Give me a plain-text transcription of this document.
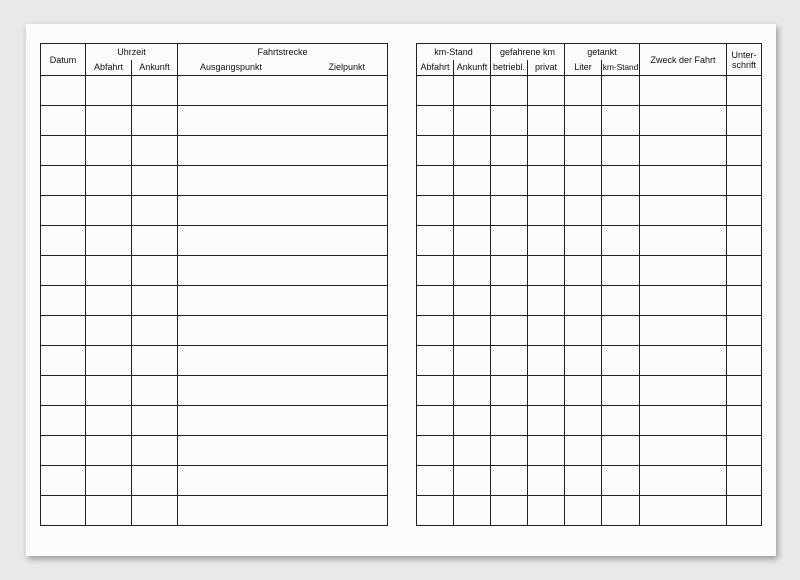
Datum	Uhrzeit		Fahrtstrecke	
	Abfahrt	Ankunft	Ausgangspunkt	Zielpunkt

km-Stand		gefahrene km		getankt		Zweck der Fahrt	Unter-
schrift
Abfahrt	Ankunft	betriebl.	privat	Liter	km-Stand		
